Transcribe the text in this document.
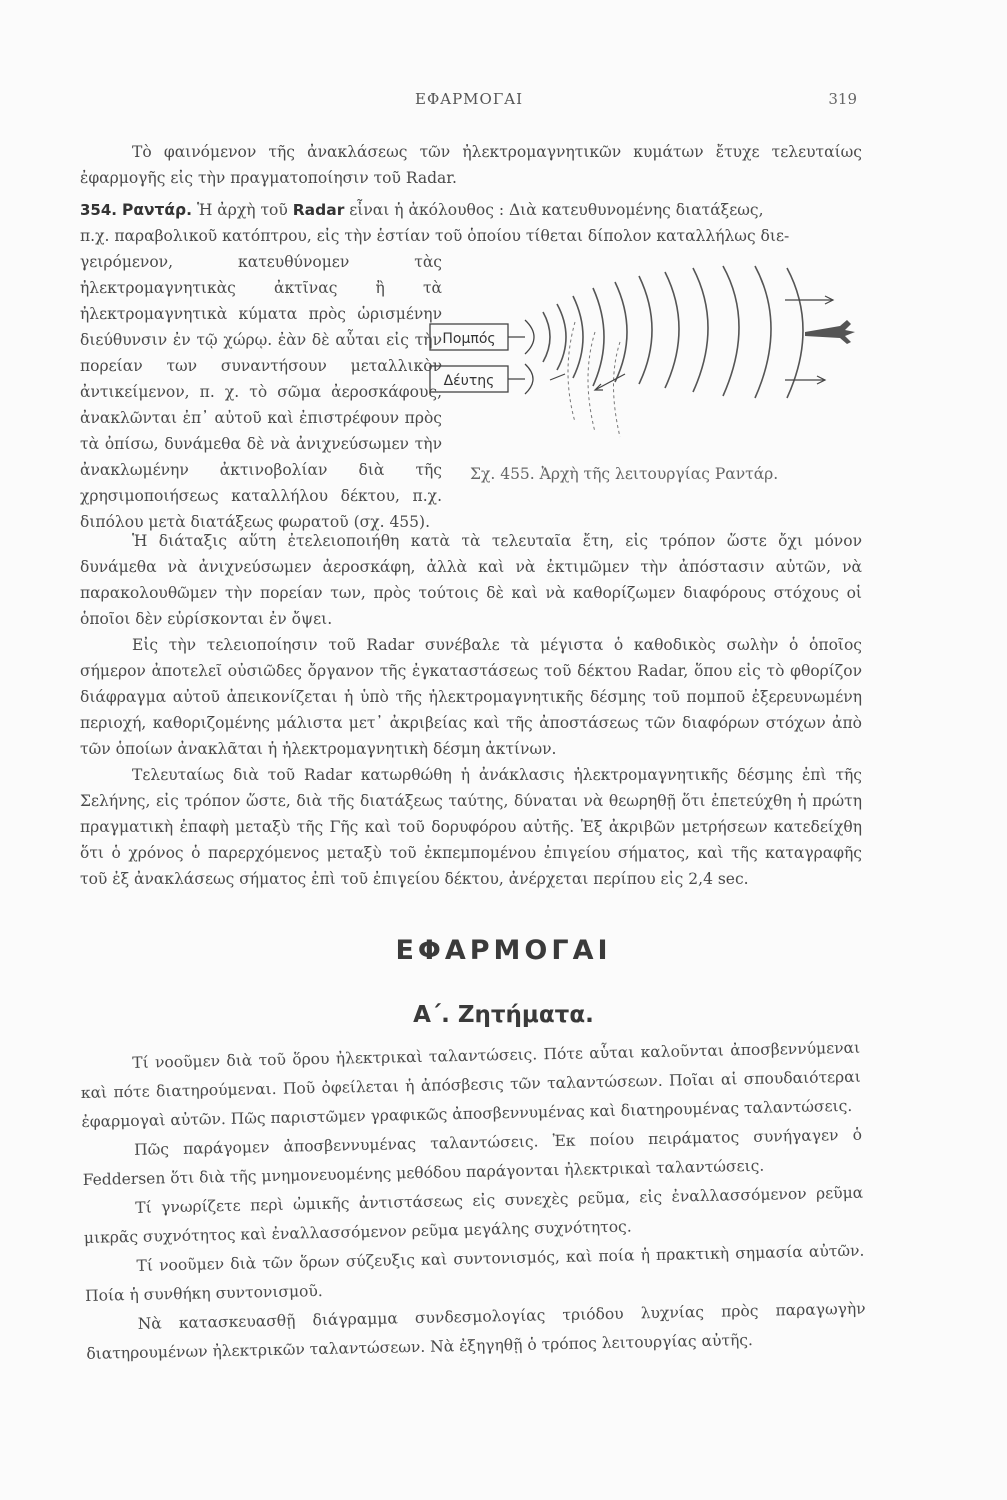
ΕΦΑΡΜΟΓΑΙ	319

Τὸ φαινόμενον τῆς ἀνακλάσεως τῶν ἠλεκτρομαγνητικῶν κυμάτων ἔτυχε τελευταίως ἐφαρμογῆς εἰς τὴν πραγματοποίησιν τοῦ Radar.

354. Ραντάρ. Ἡ ἀρχὴ τοῦ Radar εἶναι ἡ ἀκόλουθος : Διὰ κατευθυνομένης διατάξεως,
π.χ. παραβολικοῦ κατόπτρου, εἰς τὴν ἑστίαν τοῦ ὁποίου τίθεται δίπολον καταλλήλως διε-

γειρόμενον, κατευθύνομεν τὰς ἠλεκτρομαγνητικὰς ἀκτῖνας ἢ τὰ ἠλεκτρομαγνητικὰ κύματα πρὸς ὡρισμένην διεύθυνσιν ἐν τῷ χώρῳ. ἐὰν δὲ αὗται εἰς τὴν πορείαν των συναντήσουν μεταλλικὸν ἀντικείμενον, π. χ. τὸ σῶμα ἀεροσκάφους, ἀνακλῶνται ἐπ᾽ αὐτοῦ καὶ ἐπιστρέφουν πρὸς τὰ ὀπίσω, δυνάμεθα δὲ νὰ ἀνιχνεύσωμεν τὴν ἀνακλωμένην ἀκτινοβολίαν διὰ τῆς χρησιμοποιήσεως καταλλήλου δέκτου, π.χ. διπόλου μετὰ διατάξεως φωρατοῦ (σχ. 455).

Πομπός
Δέυτης
Σχ. 455. Ἀρχὴ τῆς λειτουργίας Ραντάρ.

Ἡ διάταξις αὕτη ἐτελειοποιήθη κατὰ τὰ τελευταῖα ἔτη, εἰς τρόπον ὥστε ὄχι μόνον δυνάμεθα νὰ ἀνιχνεύσωμεν ἀεροσκάφη, ἀλλὰ καὶ νὰ ἐκτιμῶμεν τὴν ἀπόστασιν αὐτῶν, νὰ παρακολουθῶμεν τὴν πορείαν των, πρὸς τούτοις δὲ καὶ νὰ καθορίζωμεν διαφόρους στόχους οἱ ὁποῖοι δὲν εὑρίσκονται ἐν ὄψει.

Εἰς τὴν τελειοποίησιν τοῦ Radar συνέβαλε τὰ μέγιστα ὁ καθοδικὸς σωλὴν ὁ ὁποῖος σήμερον ἀποτελεῖ οὐσιῶδες ὄργανον τῆς ἐγκαταστάσεως τοῦ δέκτου Radar, ὅπου εἰς τὸ φθορίζον διάφραγμα αὐτοῦ ἀπεικονίζεται ἡ ὑπὸ τῆς ἠλεκτρομαγνητικῆς δέσμης τοῦ πομποῦ ἐξερευνωμένη περιοχή, καθοριζομένης μάλιστα μετ᾽ ἀκριβείας καὶ τῆς ἀποστάσεως τῶν διαφόρων στόχων ἀπὸ τῶν ὁποίων ἀνακλᾶται ἡ ἠλεκτρομαγνητικὴ δέσμη ἀκτίνων.

Τελευταίως διὰ τοῦ Radar κατωρθώθη ἡ ἀνάκλασις ἠλεκτρομαγνητικῆς δέσμης ἐπὶ τῆς Σελήνης, εἰς τρόπον ὥστε, διὰ τῆς διατάξεως ταύτης, δύναται νὰ θεωρηθῇ ὅτι ἐπετεύχθη ἡ πρώτη πραγματικὴ ἐπαφὴ μεταξὺ τῆς Γῆς καὶ τοῦ δορυφόρου αὐτῆς. Ἐξ ἀκριβῶν μετρήσεων κατεδείχθη ὅτι ὁ χρόνος ὁ παρερχόμενος μεταξὺ τοῦ ἐκπεμπομένου ἐπιγείου σήματος, καὶ τῆς καταγραφῆς τοῦ ἐξ ἀνακλάσεως σήματος ἐπὶ τοῦ ἐπιγείου δέκτου, ἀνέρχεται περίπου εἰς 2,4 sec.

ΕΦΑΡΜΟΓΑΙ
Α΄. Ζητήματα.

Τί νοοῦμεν διὰ τοῦ ὅρου ἠλεκτρικαὶ ταλαντώσεις. Πότε αὗται καλοῦνται ἀποσβεννύμεναι καὶ πότε διατηρούμεναι. Ποῦ ὀφείλεται ἡ ἀπόσβεσις τῶν ταλαντώσεων. Ποῖαι αἱ σπουδαιότεραι ἐφαρμογαὶ αὐτῶν. Πῶς παριστῶμεν γραφικῶς ἀποσβεννυμένας καὶ διατηρουμένας ταλαντώσεις.

Πῶς παράγομεν ἀποσβεννυμένας ταλαντώσεις. Ἐκ ποίου πειράματος συνήγαγεν ὁ Feddersen ὅτι διὰ τῆς μνημονευομένης μεθόδου παράγονται ἠλεκτρικαὶ ταλαντώσεις.

Τί γνωρίζετε περὶ ὠμικῆς ἀντιστάσεως εἰς συνεχὲς ρεῦμα, εἰς ἐναλλασσόμενον ρεῦμα μικρᾶς συχνότητος καὶ ἐναλλασσόμενον ρεῦμα μεγάλης συχνότητος.

Τί νοοῦμεν διὰ τῶν ὅρων σύζευξις καὶ συντονισμός, καὶ ποία ἡ πρακτικὴ σημασία αὐτῶν. Ποία ἡ συνθήκη συντονισμοῦ.

Νὰ κατασκευασθῇ διάγραμμα συνδεσμολογίας τριόδου λυχνίας πρὸς παραγωγὴν διατηρουμένων ἠλεκτρικῶν ταλαντώσεων. Νὰ ἐξηγηθῇ ὁ τρόπος λειτουργίας αὐτῆς.
